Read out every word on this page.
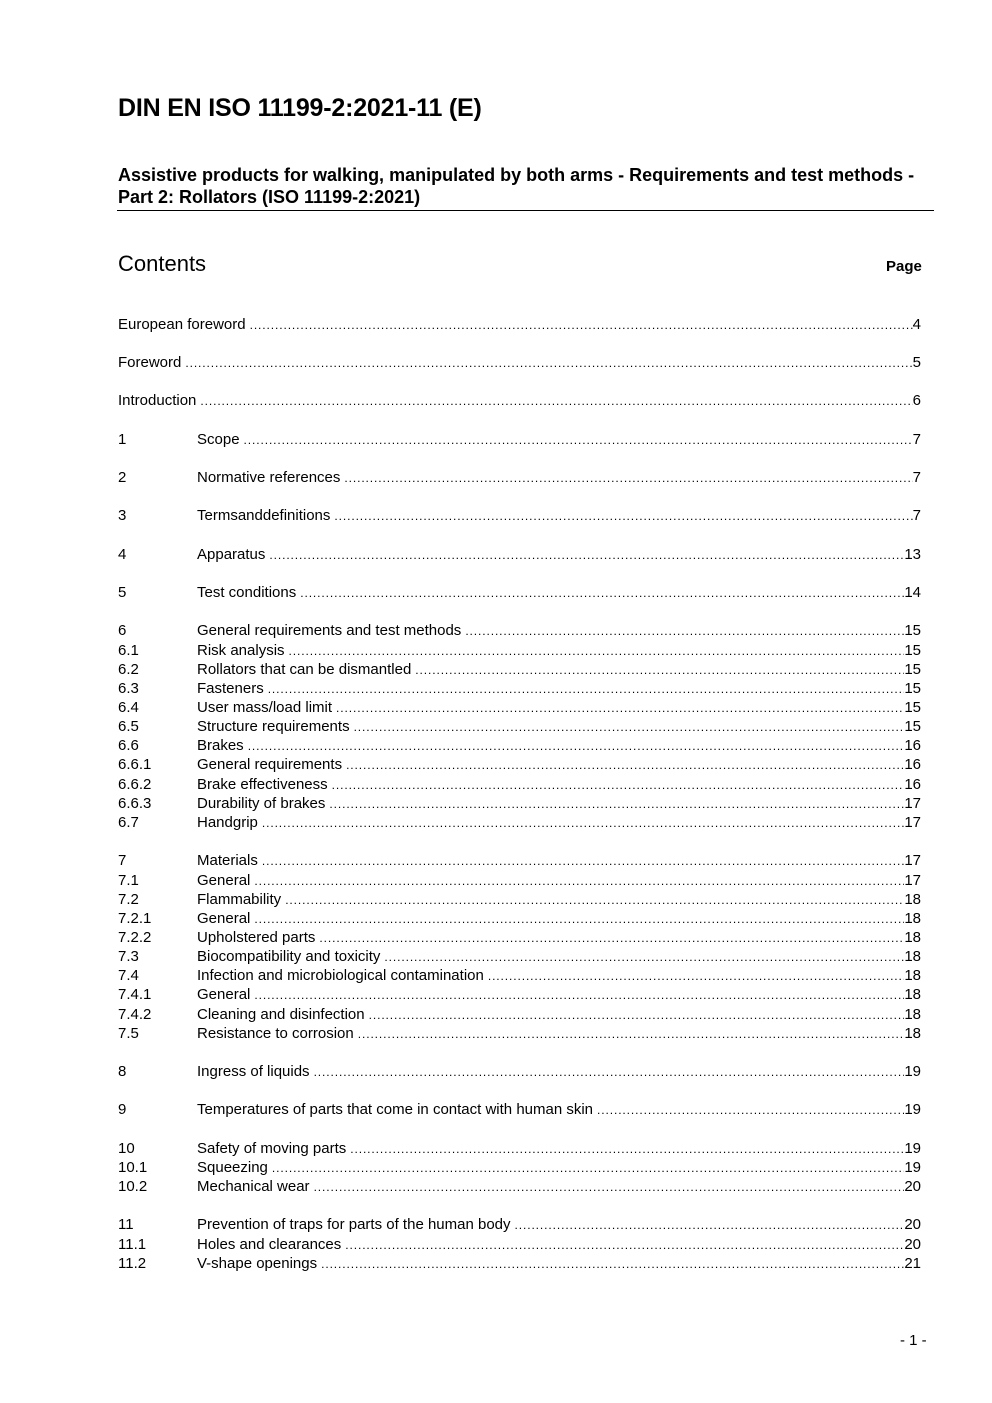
DIN EN ISO 11199-2:2021-11 (E)
Assistive products for walking, manipulated by both arms - Requirements and test methods - Part 2: Rollators (ISO 11199-2:2021)
Contents	Page
European foreword .....	4
Foreword .....	5
Introduction .....	6
1	Scope .....	7
2	Normative references .....	7
3	Termsanddefinitions .....	7
4	Apparatus .....	13
5	Test conditions .....	14
6	General requirements and test methods .....	15
6.1	Risk analysis .....	15
6.2	Rollators that can be dismantled .....	15
6.3	Fasteners .....	15
6.4	User mass/load limit .....	15
6.5	Structure requirements .....	15
6.6	Brakes .....	16
6.6.1	General requirements .....	16
6.6.2	Brake effectiveness .....	16
6.6.3	Durability of brakes .....	17
6.7	Handgrip .....	17
7	Materials .....	17
7.1	General .....	17
7.2	Flammability .....	18
7.2.1	General .....	18
7.2.2	Upholstered parts .....	18
7.3	Biocompatibility and toxicity .....	18
7.4	Infection and microbiological contamination .....	18
7.4.1	General .....	18
7.4.2	Cleaning and disinfection .....	18
7.5	Resistance to corrosion .....	18
8	Ingress of liquids .....	19
9	Temperatures of parts that come in contact with human skin .....	19
10	Safety of moving parts .....	19
10.1	Squeezing .....	19
10.2	Mechanical wear .....	20
11	Prevention of traps for parts of the human body .....	20
11.1	Holes and clearances .....	20
11.2	V-shape openings .....	21
- 1 -
